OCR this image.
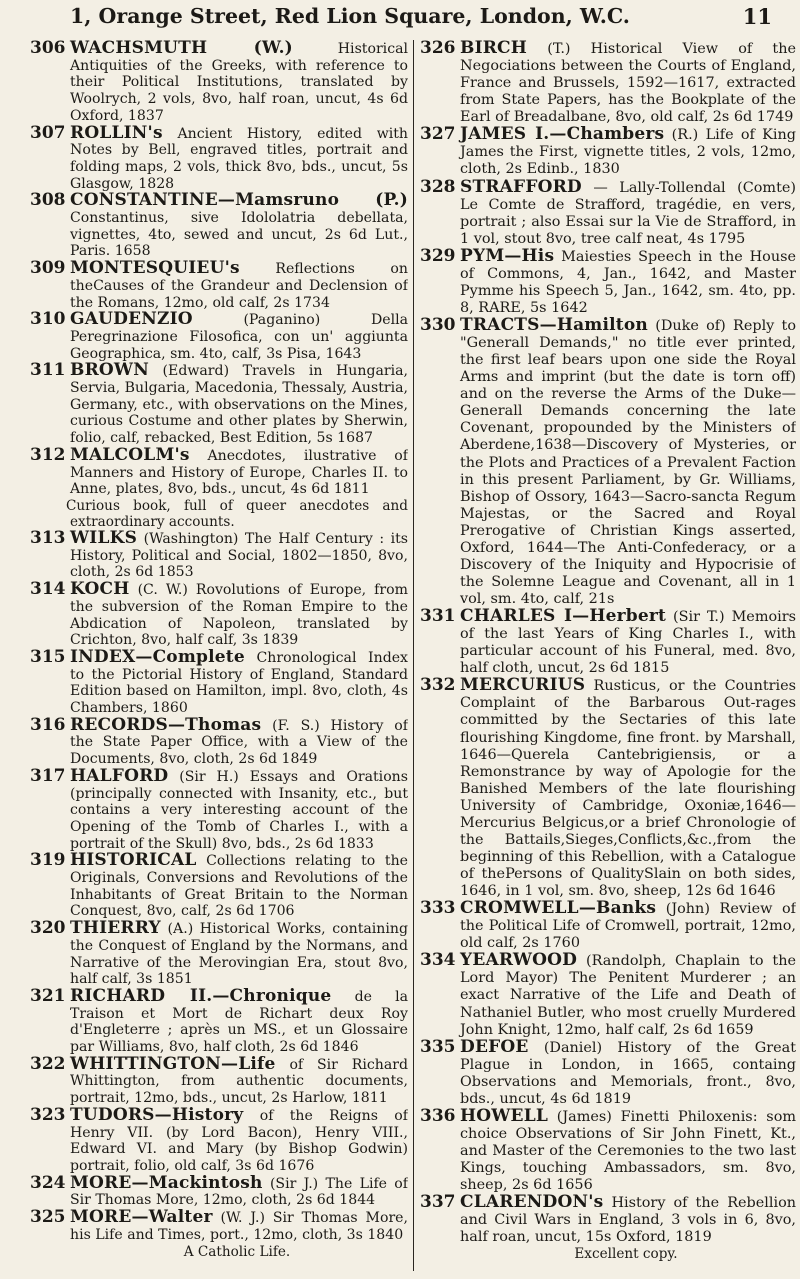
1, Orange Street, Red Lion Square, London, W.C.	11
306 WACHSMUTH (W.)	Historical Antiquities of the Greeks, with reference to their Political Institutions, translated by Woolrych, 2 vols, 8vo, half roan, uncut, 4s 6d Oxford, 1837
307 ROLLIN's Ancient History, edited with Notes by Bell, engraved titles, portrait and folding maps, 2 vols, thick 8vo, bds., uncut, 5s Glasgow, 1828
308 CONSTANTINE—Mamsruno (P.) Constantinus, sive Idololatria debellata, vignettes, 4to, sewed and uncut, 2s 6d Lut., Paris. 1658
309 MONTESQUIEU's	Reflections on theCauses of the Grandeur and Declension of the Romans, 12mo, old calf, 2s 1734
310 GAUDENZIO	(Paganino) Della Peregrinazione Filosofica, con un' aggiunta Geographica, sm. 4to, calf, 3s Pisa, 1643
311 BROWN (Edward) Travels in Hungaria, Servia, Bulgaria, Macedonia, Thessaly, Austria, Germany, etc., with observations on the Mines, curious Costume and other plates by Sherwin, folio, calf, rebacked, Best Edition, 5s 1687
312 MALCOLM's Anecdotes, ilustrative of Manners and History of Europe, Charles II. to Anne, plates, 8vo, bds., uncut, 4s 6d 1811
Curious book, full of queer anecdotes and extraordinary accounts.
313 WILKS (Washington) The Half Century : its History, Political and Social, 1802—1850, 8vo, cloth, 2s 6d 1853
314 KOCH (C. W.) Rovolutions of Europe, from the subversion of the Roman Empire to the Abdication of Napoleon, translated by Crichton, 8vo, half calf, 3s 1839
315 INDEX—Complete Chronological Index to the Pictorial History of England, Standard Edition based on Hamilton, impl. 8vo, cloth, 4s Chambers, 1860
316 RECORDS—Thomas (F. S.) History of the State Paper Office, with a View of the Documents, 8vo, cloth, 2s 6d 1849
317 HALFORD (Sir H.) Essays and Orations (principally connected with Insanity, etc., but contains a very interesting account of the Opening of the Tomb of Charles I., with a portrait of the Skull) 8vo, bds., 2s 6d 1833
319 HISTORICAL Collections relating to the Originals, Conversions and Revolutions of the Inhabitants of Great Britain to the Norman Conquest, 8vo, calf, 2s 6d 1706
320 THIERRY (A.) Historical Works, containing the Conquest of England by the Normans, and Narrative of the Merovingian Era, stout 8vo, half calf, 3s 1851
321 RICHARD II.—Chronique de la Traison et Mort de Richart deux Roy d'Engleterre ; après un MS., et un Glossaire par Williams, 8vo, half cloth, 2s 6d 1846
322 WHITTINGTON—Life of Sir Richard Whittington, from authentic documents, portrait, 12mo, bds., uncut, 2s Harlow, 1811
323 TUDORS—History of the Reigns of Henry VII. (by Lord Bacon), Henry VIII., Edward VI. and Mary (by Bishop Godwin) portrait, folio, old calf, 3s 6d 1676
324 MORE—Mackintosh (Sir J.) The Life of Sir Thomas More, 12mo, cloth, 2s 6d 1844
325 MORE—Walter (W. J.) Sir Thomas More, his Life and Times, port., 12mo, cloth, 3s 1840
A Catholic Life.
326 BIRCH (T.) Historical View of the Negociations between the Courts of England, France and Brussels, 1592—1617, extracted from State Papers, has the Bookplate of the Earl of Breadalbane, 8vo, old calf, 2s 6d 1749
327 JAMES I.—Chambers (R.) Life of King James the First, vignette titles, 2 vols, 12mo, cloth, 2s Edinb., 1830
328 STRAFFORD — Lally-Tollendal (Comte) Le Comte de Strafford, tragédie, en vers, portrait ; also Essai sur la Vie de Strafford, in 1 vol, stout 8vo, tree calf neat, 4s 1795
329 PYM—His Maiesties Speech in the House of Commons, 4, Jan., 1642, and Master Pymme his Speech 5, Jan., 1642, sm. 4to, pp. 8, RARE, 5s 1642
330 TRACTS—Hamilton (Duke of) Reply to "Generall Demands," no title ever printed, the first leaf bears upon one side the Royal Arms and imprint (but the date is torn off) and on the reverse the Arms of the Duke—Generall Demands concerning the late Covenant, propounded by the Ministers of Aberdene,1638—Discovery of Mysteries, or the Plots and Practices of a Prevalent Faction in this present Parliament, by Gr. Williams, Bishop of Ossory, 1643—Sacro-sancta Regum Majestas, or the Sacred and Royal Prerogative of Christian Kings asserted, Oxford, 1644—The Anti-Confederacy, or a Discovery of the Iniquity and Hypocrisie of the Solemne League and Covenant, all in 1 vol, sm. 4to, calf, 21s
331 CHARLES I—Herbert (Sir T.) Memoirs of the last Years of King Charles I., with particular account of his Funeral, med. 8vo, half cloth, uncut, 2s 6d 1815
332 MERCURIUS Rusticus, or the Countries Complaint of the Barbarous Out-rages committed by the Sectaries of this late flourishing Kingdome, fine front. by Marshall, 1646—Querela Cantebrigiensis, or a Remonstrance by way of Apologie for the Banished Members of the late flourishing University of Cambridge, Oxoniæ,1646—Mercurius Belgicus,or a brief Chronologie of the Battails,Sieges,Conflicts,&c.,from the beginning of this Rebellion, with a Catalogue of thePersons of QualitySlain on both sides, 1646, in 1 vol, sm. 8vo, sheep, 12s 6d 1646
333 CROMWELL—Banks (John) Review of the Political Life of Cromwell, portrait, 12mo, old calf, 2s 1760
334 YEARWOOD (Randolph, Chaplain to the Lord Mayor) The Penitent Murderer ; an exact Narrative of the Life and Death of Nathaniel Butler, who most cruelly Murdered John Knight, 12mo, half calf, 2s 6d 1659
335 DEFOE (Daniel) History of the Great Plague in London, in 1665, containg Observations and Memorials, front., 8vo, bds., uncut, 4s 6d 1819
336 HOWELL (James) Finetti Philoxenis: som choice Observations of Sir John Finett, Kt., and Master of the Ceremonies to the two last Kings, touching Ambassadors, sm. 8vo, sheep, 2s 6d 1656
337 CLARENDON's History of the Rebellion and Civil Wars in England, 3 vols in 6, 8vo, half roan, uncut, 15s Oxford, 1819
Excellent copy.
